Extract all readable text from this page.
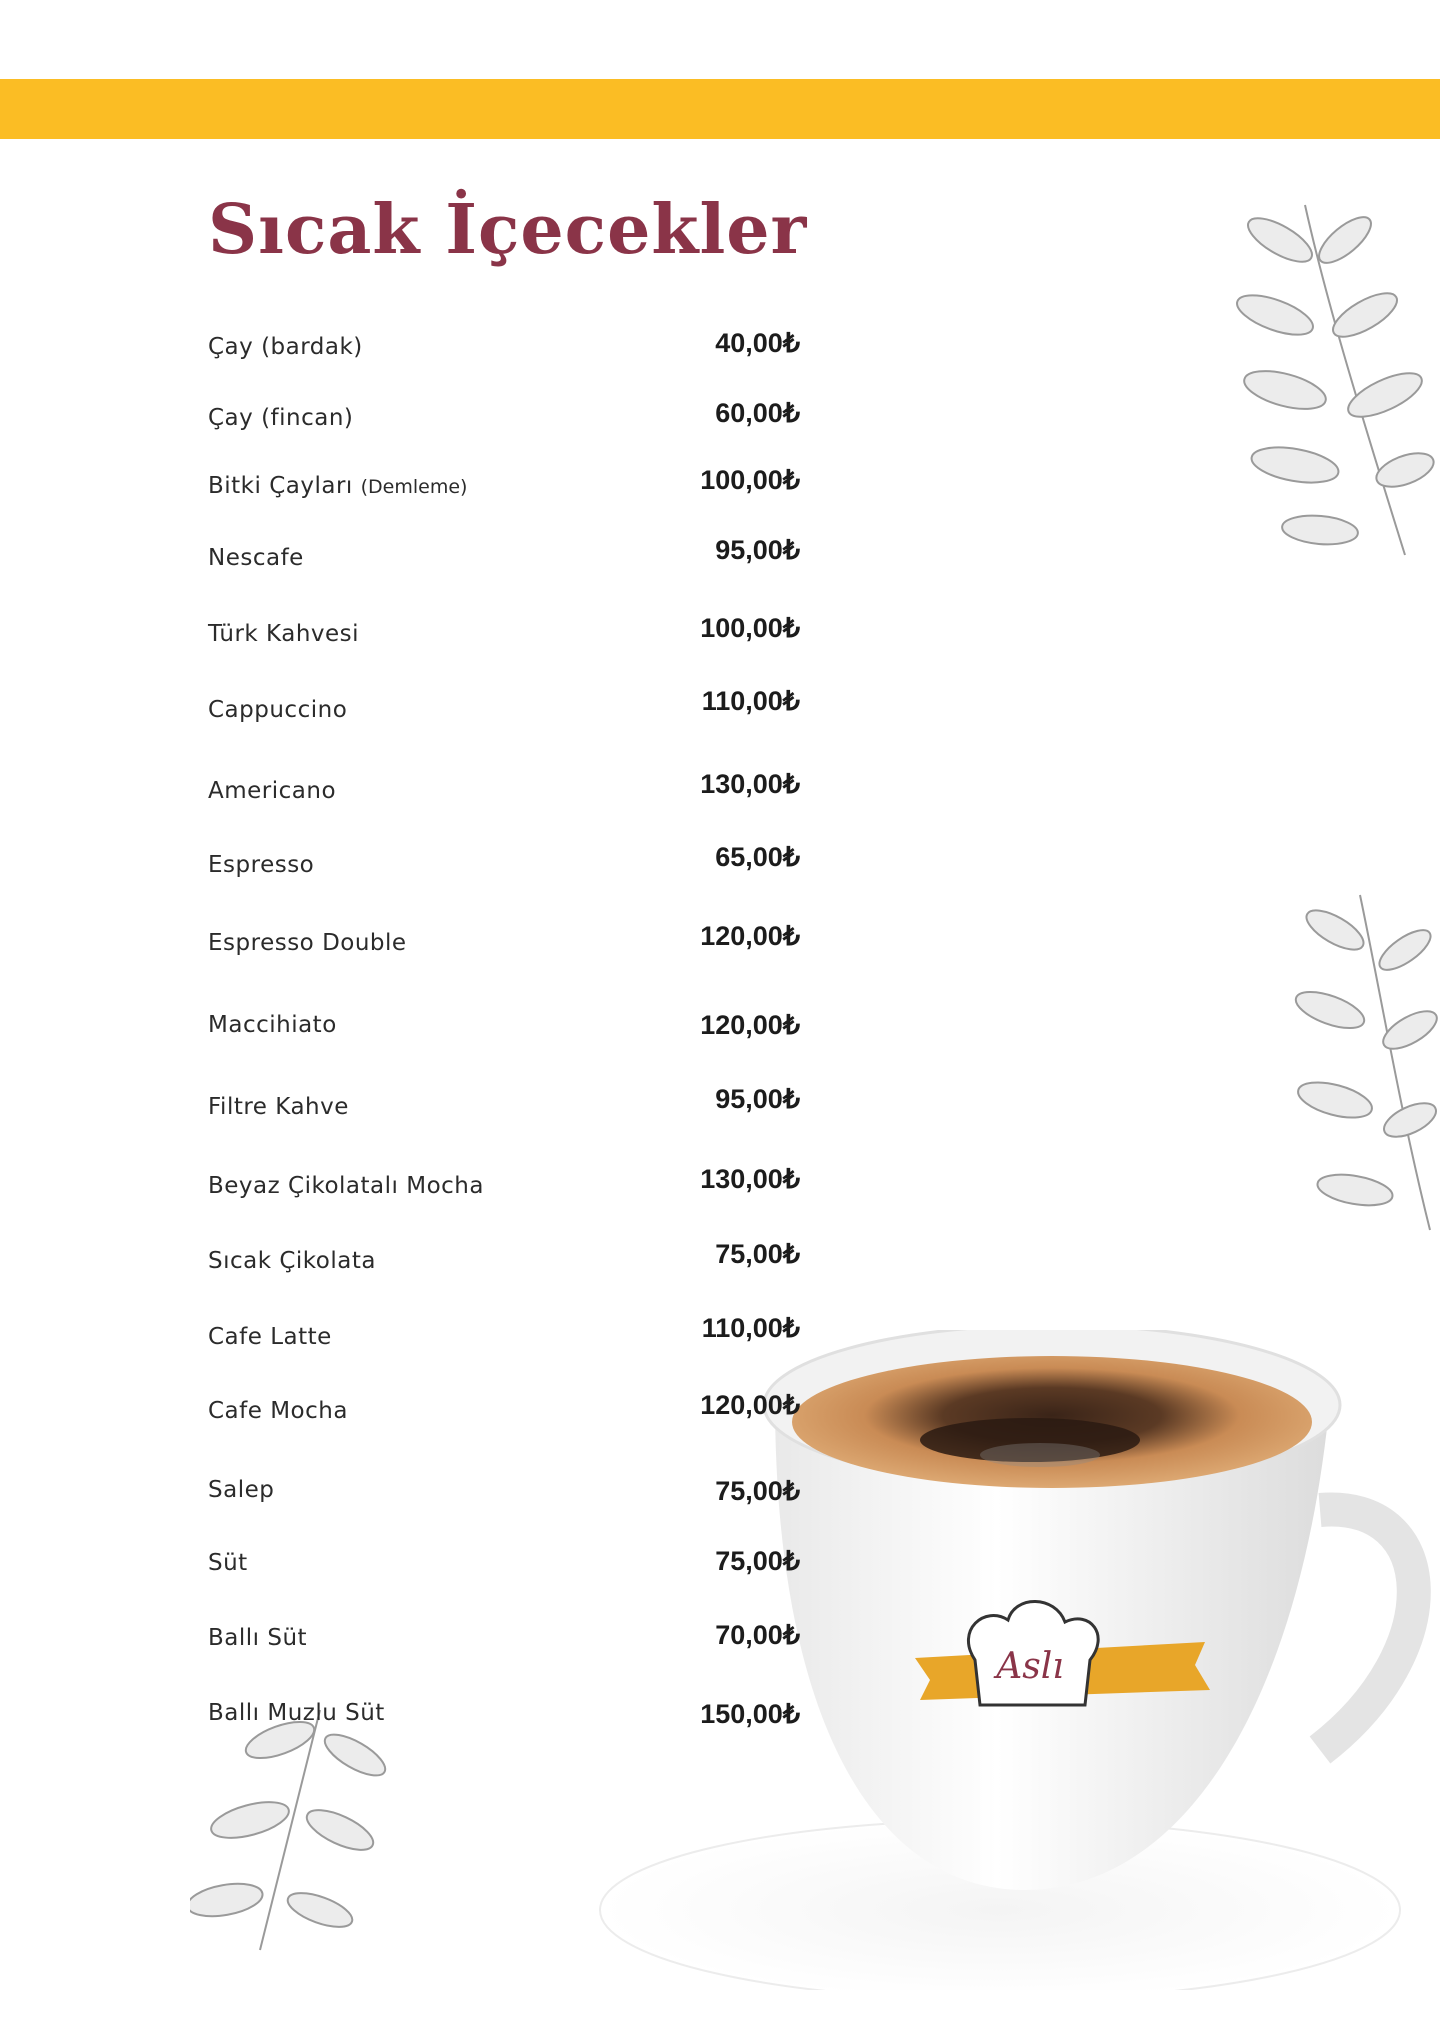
Aslı
Sıcak İçecekler
Çay (bardak)	40,00₺
Çay (fincan)	60,00₺
Bitki Çayları (Demleme)	100,00₺
Nescafe	95,00₺
Türk Kahvesi	100,00₺
Cappuccino	110,00₺
Americano	130,00₺
Espresso	65,00₺
Espresso Double	120,00₺
Maccihiato	120,00₺
Filtre Kahve	95,00₺
Beyaz Çikolatalı Mocha	130,00₺
Sıcak Çikolata	75,00₺
Cafe Latte	110,00₺
Cafe Mocha	120,00₺
Salep	75,00₺
Süt	75,00₺
Ballı Süt	70,00₺
Ballı Muzlu Süt	150,00₺
